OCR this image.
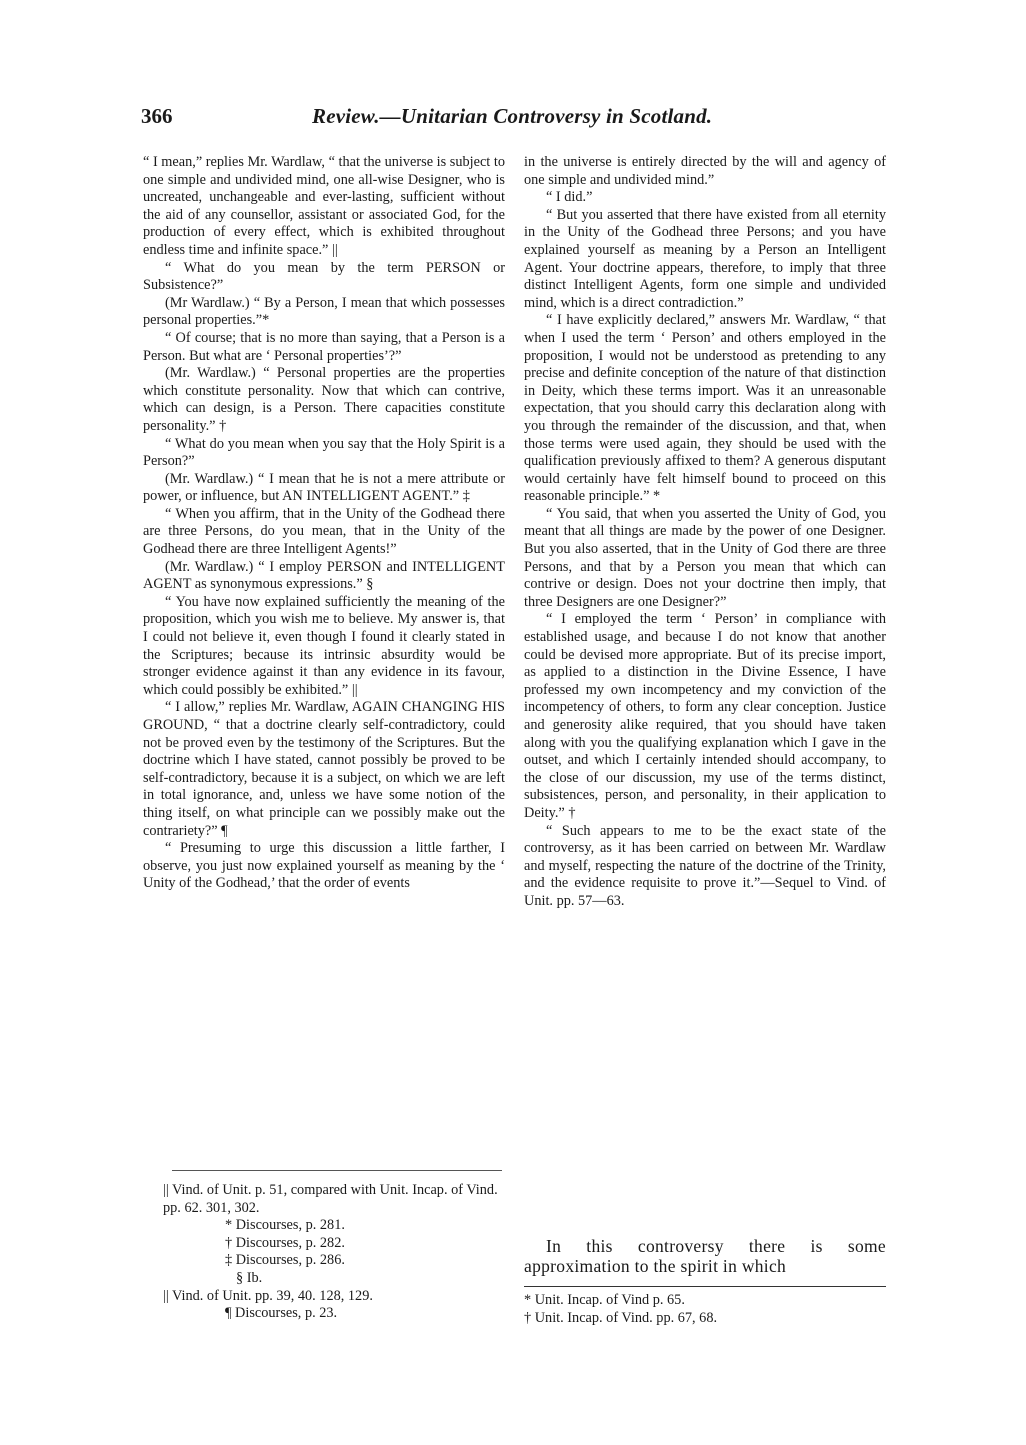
366	Review.—Unitarian Controversy in Scotland.

“ I mean,” replies Mr. Wardlaw, “ that the universe is subject to one simple and undivided mind, one all-wise Designer, who is uncreated, unchangeable and ever-lasting, sufficient without the aid of any counsellor, assistant or associated God, for the production of every effect, which is exhibited throughout endless time and infinite space.” ||

“ What do you mean by the term PERSON or Subsistence?”

(Mr Wardlaw.) “ By a Person, I mean that which possesses personal properties.”*

“ Of course; that is no more than saying, that a Person is a Person. But what are ‘ Personal properties’?”

(Mr. Wardlaw.) “ Personal properties are the properties which constitute personality. Now that which can contrive, which can design, is a Person. There capacities constitute personality.” †

“ What do you mean when you say that the Holy Spirit is a Person?”

(Mr. Wardlaw.) “ I mean that he is not a mere attribute or power, or influence, but AN INTELLIGENT AGENT.” ‡

“ When you affirm, that in the Unity of the Godhead there are three Persons, do you mean, that in the Unity of the Godhead there are three Intelligent Agents!”

(Mr. Wardlaw.) “ I employ PERSON and INTELLIGENT AGENT as synonymous expressions.” §

“ You have now explained sufficiently the meaning of the proposition, which you wish me to believe. My answer is, that I could not believe it, even though I found it clearly stated in the Scriptures; because its intrinsic absurdity would be stronger evidence against it than any evidence in its favour, which could possibly be exhibited.” ||

“ I allow,” replies Mr. Wardlaw, AGAIN CHANGING HIS GROUND, “ that a doctrine clearly self-contradictory, could not be proved even by the testimony of the Scriptures. But the doctrine which I have stated, cannot possibly be proved to be self-contradictory, because it is a subject, on which we are left in total ignorance, and, unless we have some notion of the thing itself, on what principle can we possibly make out the contrariety?” ¶

“ Presuming to urge this discussion a little farther, I observe, you just now explained yourself as meaning by the ‘ Unity of the Godhead,’ that the order of events

in the universe is entirely directed by the will and agency of one simple and undivided mind.”

“ I did.”

“ But you asserted that there have existed from all eternity in the Unity of the Godhead three Persons; and you have explained yourself as meaning by a Person an Intelligent Agent. Your doctrine appears, therefore, to imply that three distinct Intelligent Agents, form one simple and undivided mind, which is a direct contradiction.”

“ I have explicitly declared,” answers Mr. Wardlaw, “ that when I used the term ‘ Person’ and others employed in the proposition, I would not be understood as pretending to any precise and definite conception of the nature of that distinction in Deity, which these terms import. Was it an unreasonable expectation, that you should carry this declaration along with you through the remainder of the discussion, and that, when those terms were used again, they should be used with the qualification previously affixed to them? A generous disputant would certainly have felt himself bound to proceed on this reasonable principle.” *

“ You said, that when you asserted the Unity of God, you meant that all things are made by the power of one Designer. But you also asserted, that in the Unity of God there are three Persons, and that by a Person you mean that which can contrive or design. Does not your doctrine then imply, that three Designers are one Designer?”

“ I employed the term ‘ Person’ in compliance with established usage, and because I do not know that another could be devised more appropriate. But of its precise import, as applied to a distinction in the Divine Essence, I have professed my own incompetency and my conviction of the incompetency of others, to form any clear conception. Justice and generosity alike required, that you should have taken along with you the qualifying explanation which I gave in the outset, and which I certainly intended should accompany, to the close of our discussion, my use of the terms distinct, subsistences, person, and personality, in their application to Deity.” †

“ Such appears to me to be the exact state of the controversy, as it has been carried on between Mr. Wardlaw and myself, respecting the nature of the doctrine of the Trinity, and the evidence requisite to prove it.”—Sequel to Vind. of Unit. pp. 57—63.

In this controversy there is some approximation to the spirit in which

|| Vind. of Unit. p. 51, compared with Unit. Incap. of Vind. pp. 62. 301, 302.

* Discourses, p. 281.

† Discourses, p. 282.

‡ Discourses, p. 286.

§ Ib.

|| Vind. of Unit. pp. 39, 40. 128, 129.

¶ Discourses, p. 23.

* Unit. Incap. of Vind p. 65.

† Unit. Incap. of Vind. pp. 67, 68.
